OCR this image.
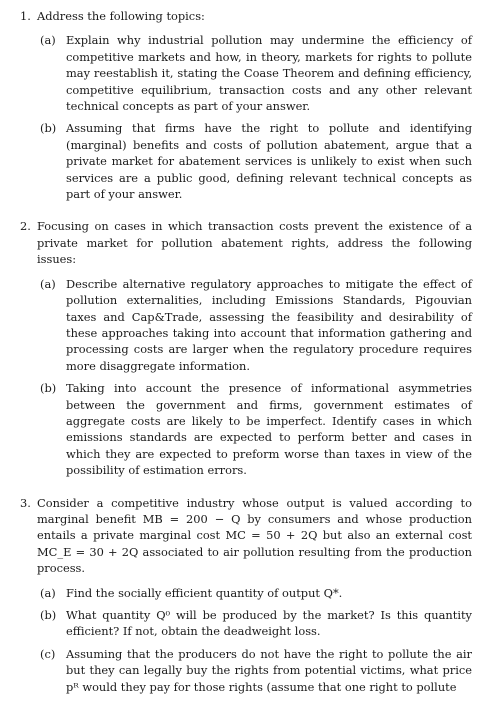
1. Address the following topics:
(a) Explain why industrial pollution may undermine the efficiency of competitive markets and how, in theory, markets for rights to pollute may reestablish it, stating the Coase Theorem and defining efficiency, competitive equilibrium, transaction costs and any other relevant technical concepts as part of your answer.
(b) Assuming that firms have the right to pollute and identifying (marginal) benefits and costs of pollution abatement, argue that a private market for abatement services is unlikely to exist when such services are a public good, defining relevant technical concepts as part of your answer.
2. Focusing on cases in which transaction costs prevent the existence of a private market for pollution abatement rights, address the following issues:
(a) Describe alternative regulatory approaches to mitigate the effect of pollution externalities, including Emissions Standards, Pigouvian taxes and Cap&Trade, assessing the feasibility and desirability of these approaches taking into account that information gathering and processing costs are larger when the regulatory procedure requires more disaggregate information.
(b) Taking into account the presence of informational asymmetries between the government and firms, government estimates of aggregate costs are likely to be imperfect. Identify cases in which emissions standards are expected to perform better and cases in which they are expected to preform worse than taxes in view of the possibility of estimation errors.
3. Consider a competitive industry whose output is valued according to marginal benefit MB = 200 − Q by consumers and whose production entails a private marginal cost MC = 50 + 2Q but also an external cost MC_E = 30 + 2Q associated to air pollution resulting from the production process.
(a) Find the socially efficient quantity of output Q*.
(b) What quantity Q⁰ will be produced by the market? Is this quantity efficient? If not, obtain the deadweight loss.
(c) Assuming that the producers do not have the right to pollute the air but they can legally buy the rights from potential victims, what price pᴿ would they pay for those rights (assume that one right to pollute
